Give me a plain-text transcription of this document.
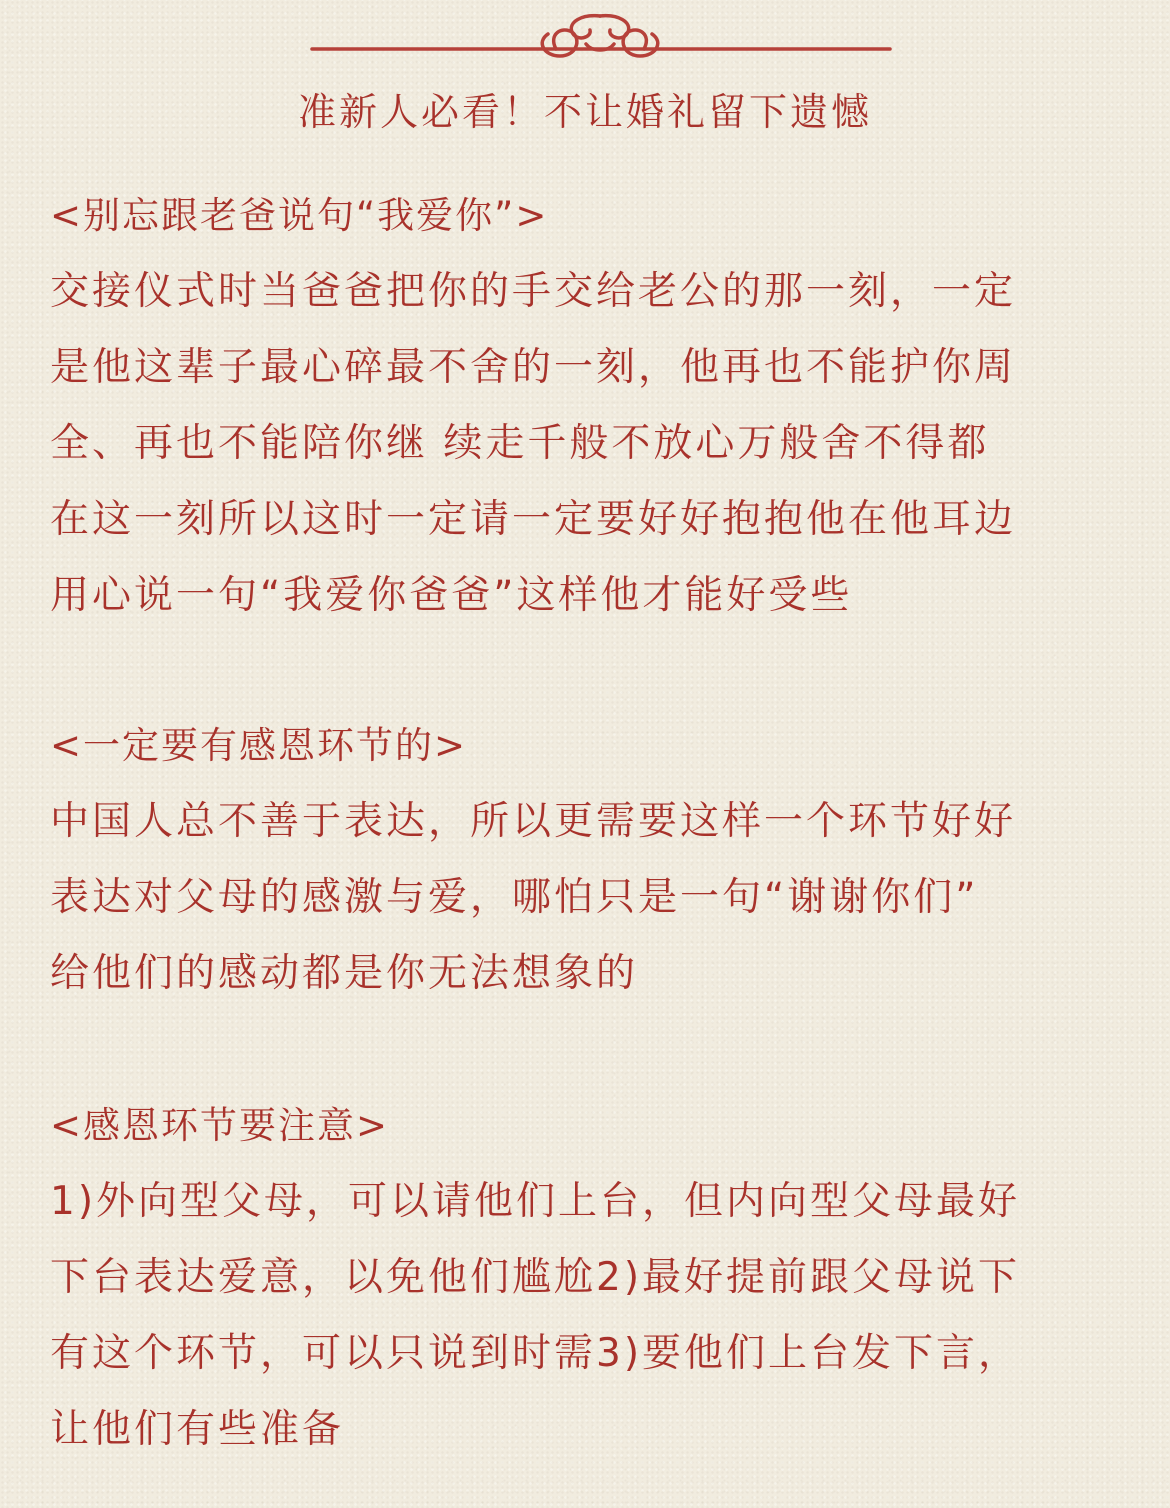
准新人必看！不让婚礼留下遗憾
<别忘跟老爸说句“我爱你”>
交接仪式时当爸爸把你的手交给老公的那一刻，一定
是他这辈子最心碎最不舍的一刻，他再也不能护你周
全、再也不能陪你继 续走千般不放心万般舍不得都
在这一刻所以这时一定请一定要好好抱抱他在他耳边
用心说一句“我爱你爸爸”这样他才能好受些
<一定要有感恩环节的>
中国人总不善于表达，所以更需要这样一个环节好好
表达对父母的感激与爱，哪怕只是一句“谢谢你们”
给他们的感动都是你无法想象的
<感恩环节要注意>
1)外向型父母，可以请他们上台，但内向型父母最好
下台表达爱意，以免他们尴尬2)最好提前跟父母说下
有这个环节，可以只说到时需3)要他们上台发下言，
让他们有些准备
